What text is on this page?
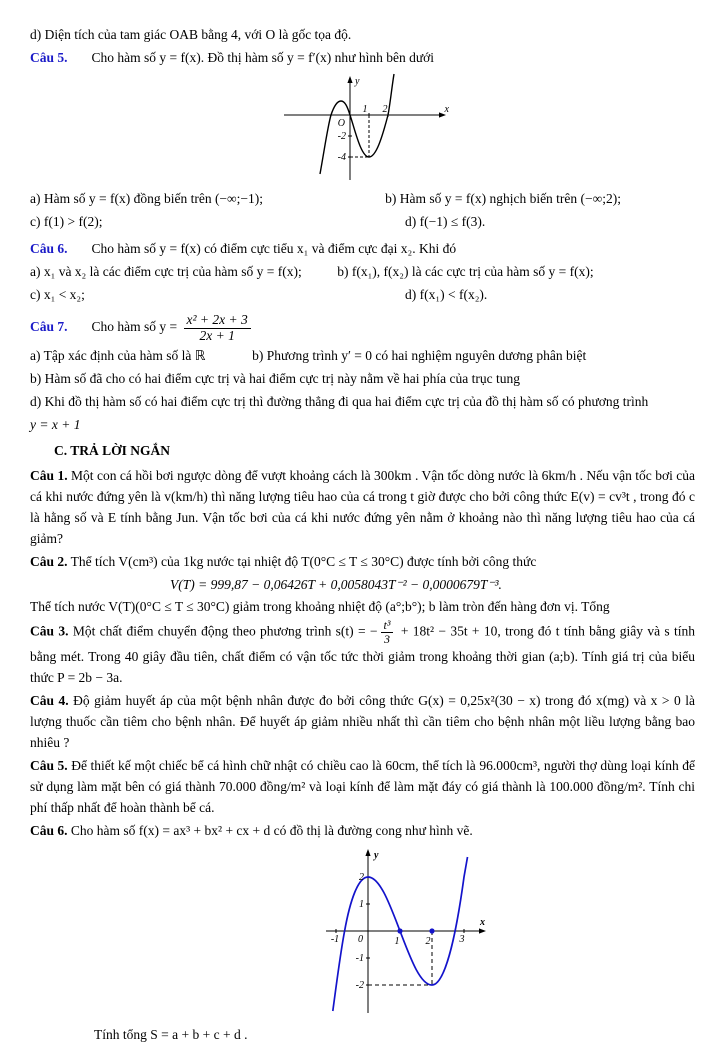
d) Diện tích của tam giác OAB bằng 4, với O là gốc tọa độ.

Câu 5. Cho hàm số y = f(x). Đồ thị hàm số y = f′(x) như hình bên dưới

y
x
O
1 2
-2
-4
a) Hàm số y = f(x) đồng biến trên (−∞;−1);	b) Hàm số y = f(x) nghịch biến trên (−∞;2);
c) f(1) > f(2);	d) f(−1) ≤ f(3).

Câu 6. Cho hàm số y = f(x) có điểm cực tiểu x₁ và điểm cực đại x₂. Khi đó

a) x₁ và x₂ là các điểm cực trị của hàm số y = f(x);	b) f(x₁), f(x₂) là các cực trị của hàm số y = f(x);
c) x₁ < x₂;	d) f(x₁) < f(x₂).

Câu 7. Cho hàm số $y = \frac{\text{x² + 2x + 3}}{2x + 1}$

a) Tập xác định của hàm số là ℝ	b) Phương trình y′ = 0 có hai nghiệm nguyên dương phân biệt

b) Hàm số đã cho có hai điểm cực trị và hai điểm cực trị này nằm về hai phía của trục tung

d) Khi đồ thị hàm số có hai điểm cực trị thì đường thẳng đi qua hai điểm cực trị của đồ thị hàm số có phương trình

y = x + 1

C. TRẢ LỜI NGẮN

Câu 1. Một con cá hồi bơi ngược dòng để vượt khoảng cách là 300km . Vận tốc dòng nước là 6km/h . Nếu vận tốc bơi của cá khi nước đứng yên là v(km/h) thì năng lượng tiêu hao của cá trong t giờ được cho bởi công thức E(v) = cv³t , trong đó c là hằng số và E tính bằng Jun. Vận tốc bơi của cá khi nước đứng yên nằm ở khoảng nào thì năng lượng tiêu hao của cá giảm?

Câu 2. Thể tích V(cm³) của 1kg nước tại nhiệt độ T(0°C ≤ T ≤ 30°C) được tính bởi công thức

V(T) = 999,87 − 0,06426T + 0,0058043T⁻² − 0,0000679T⁻³.

Thể tích nước V(T)(0°C ≤ T ≤ 30°C) giảm trong khoảng nhiệt độ (a°;b°); b làm tròn đến hàng đơn vị. Tổng

Câu 3. Một chất điểm chuyển động theo phương trình s(t) = − $\frac{\text{t³}}{3} + 18t^2 - 35t + 10$, trong đó t tính bằng giây và s tính bằng mét. Trong 40 giây đầu tiên, chất điểm có vận tốc tức thời giảm trong khoảng thời gian (a;b). Tính giá trị của biểu thức P = 2b − 3a.

Câu 4. Độ giảm huyết áp của một bệnh nhân được đo bởi công thức G(x) = 0,25x²(30 − x) trong đó x(mg) và x > 0 là lượng thuốc cần tiêm cho bệnh nhân. Để huyết áp giảm nhiều nhất thì cần tiêm cho bệnh nhân một liều lượng bằng bao nhiêu ?

Câu 5. Để thiết kế một chiếc bể cá hình chữ nhật có chiều cao là 60cm, thể tích là 96.000cm³, người thợ dùng loại kính để sử dụng làm mặt bên có giá thành 70.000 đồng/m² và loại kính để làm mặt đáy có giá thành là 100.000 đồng/m². Tính chi phí thấp nhất để hoàn thành bể cá.

Câu 6. Cho hàm số f(x) = ax³ + bx² + cx + d có đồ thị là đường cong như hình vẽ.

y
x
0
2
1
-1
-2
-1	1	2	3

Tính tổng S = a + b + c + d .
